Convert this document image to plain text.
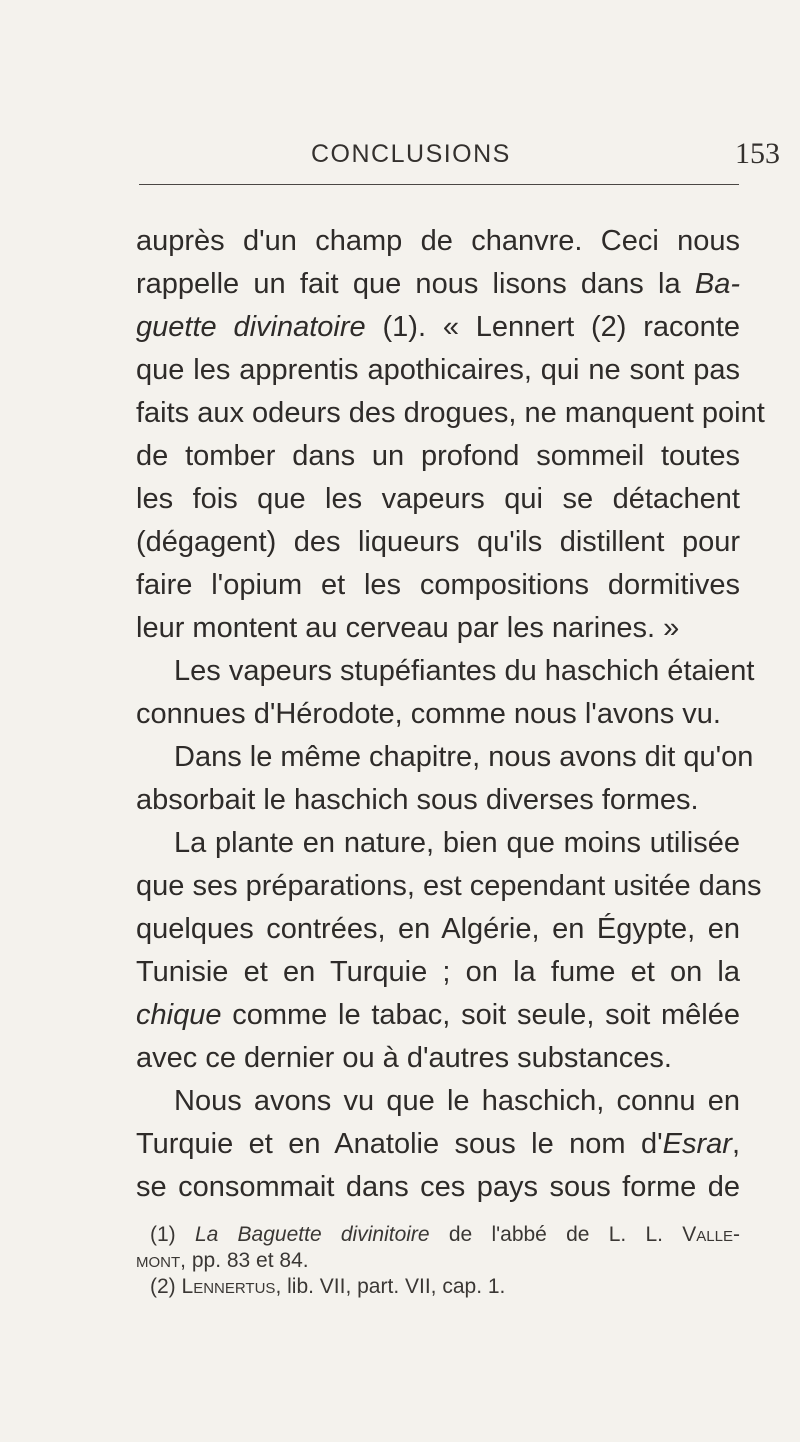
CONCLUSIONS	153
auprès d'un champ de chanvre. Ceci nous
rappelle un fait que nous lisons dans la Ba-
guette divinatoire (1). « Lennert (2) raconte
que les apprentis apothicaires, qui ne sont pas
faits aux odeurs des drogues, ne manquent point
de tomber dans un profond sommeil toutes
les fois que les vapeurs qui se détachent
(dégagent) des liqueurs qu'ils distillent pour
faire l'opium et les compositions dormitives
leur montent au cerveau par les narines. »
Les vapeurs stupéfiantes du haschich étaient
connues d'Hérodote, comme nous l'avons vu.
Dans le même chapitre, nous avons dit qu'on
absorbait le haschich sous diverses formes.
La plante en nature, bien que moins utilisée
que ses préparations, est cependant usitée dans
quelques contrées, en Algérie, en Égypte, en
Tunisie et en Turquie ; on la fume et on la
chique comme le tabac, soit seule, soit mêlée
avec ce dernier ou à d'autres substances.
Nous avons vu que le haschich, connu en
Turquie et en Anatolie sous le nom d'Esrar,
se consommait dans ces pays sous forme de
(1) La Baguette divinitoire de l'abbé de L. L. Valle-
mont, pp. 83 et 84.
(2) Lennertus, lib. VII, part. VII, cap. 1.
